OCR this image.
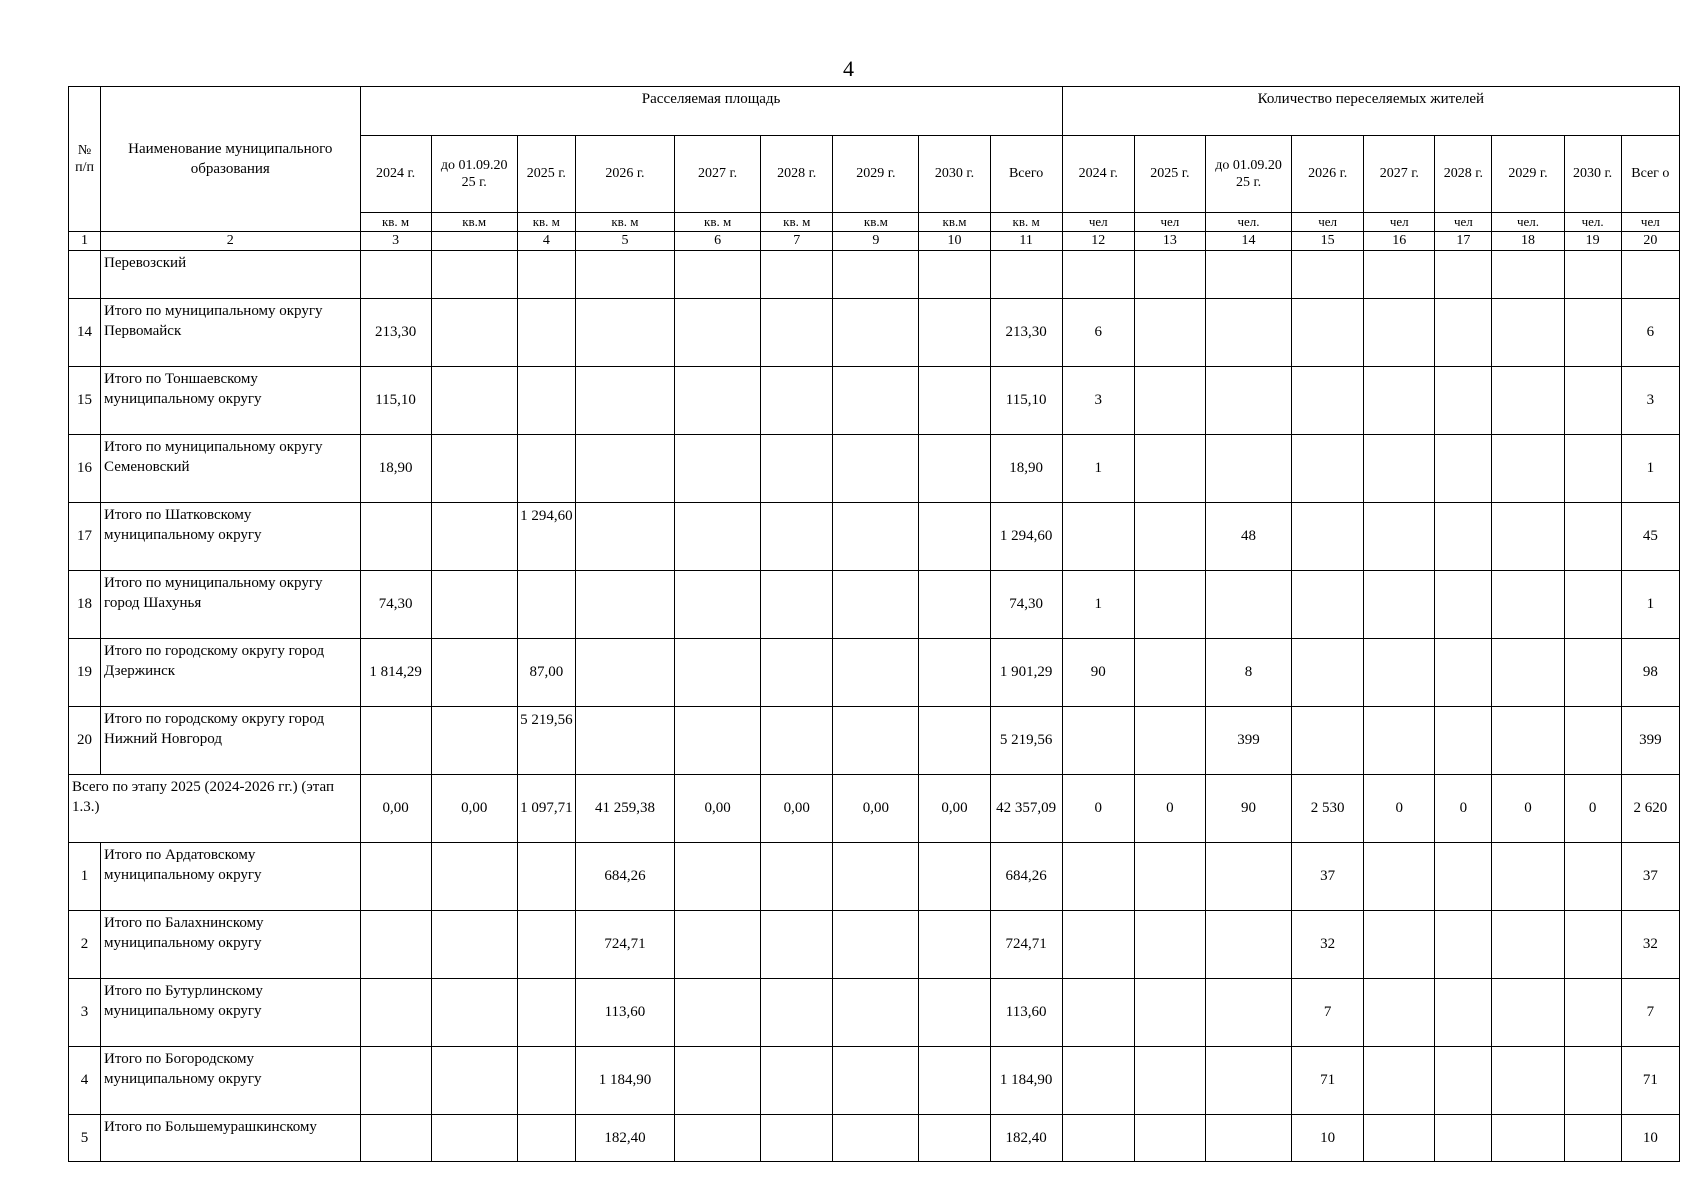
4
№ п/п	Наименование муниципального образования	Расселяемая площадь									Количество переселяемых жителей								
		2024 г.	до 01.09.20 25 г.	2025 г.	2026 г.	2027 г.	2028 г.	2029 г.	2030 г.	Всего	2024 г.	2025 г.	до 01.09.20 25 г.	2026 г.	2027 г.	2028 г.	2029 г.	2030 г.	Всег о
		кв. м	кв.м	кв. м	кв. м	кв. м	кв. м	кв.м	кв.м	кв. м	чел	чел	чел.	чел	чел	чел	чел.	чел.	чел
1	2	3		4	5	6	7	9	10	11	12	13	14	15	16	17	18	19	20
	Перевозский																		
14	Итого по муниципальному округу Первомайск	213,30								213,30	6								6
15	Итого по Тоншаевскому муниципальному округу	115,10								115,10	3								3
16	Итого по муниципальному округу Семеновский	18,90								18,90	1								1
17	Итого по Шатковскому муниципальному округу			1 294,60						1 294,60			48						45
18	Итого по муниципальному округу город Шахунья	74,30								74,30	1								1
19	Итого по городскому округу город Дзержинск	1 814,29		87,00						1 901,29	90		8						98
20	Итого по городскому округу город Нижний Новгород			5 219,56						5 219,56			399						399
Всего по этапу 2025 (2024-2026 гг.) (этап 1.3.)		0,00	0,00	1 097,71	41 259,38	0,00	0,00	0,00	0,00	42 357,09	0	0	90	2 530	0	0	0	0	2 620
1	Итого по Ардатовскому муниципальному округу				684,26					684,26				37					37
2	Итого по Балахнинскому муниципальному округу				724,71					724,71				32					32
3	Итого по Бутурлинскому муниципальному округу				113,60					113,60				7					7
4	Итого по Богородскому муниципальному округу				1 184,90					1 184,90				71					71
5	Итого по Большемурашкинскому				182,40					182,40				10					10
